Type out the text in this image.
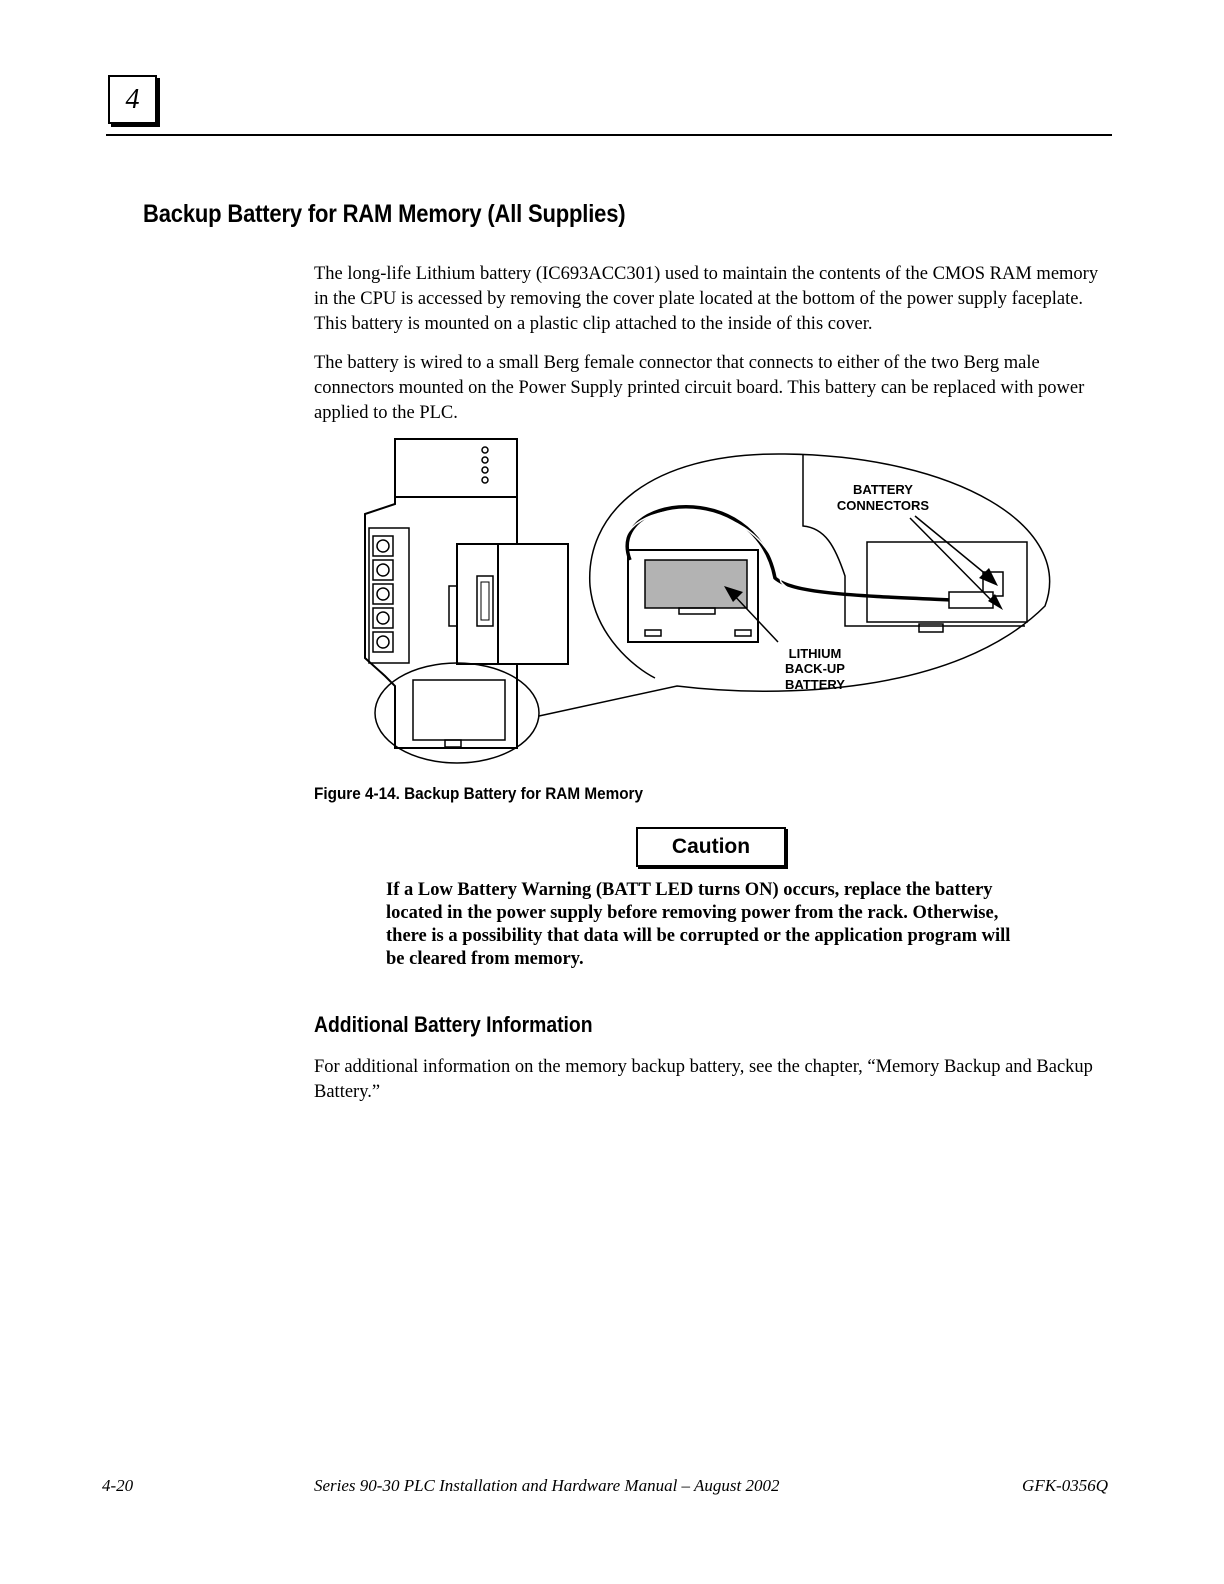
4
Backup Battery for RAM Memory (All Supplies)

The long-life Lithium battery (IC693ACC301) used to maintain the contents of the CMOS RAM memory in the CPU is accessed by removing the cover plate located at the bottom of the power supply faceplate. This battery is mounted on a plastic clip attached to the inside of this cover.

The battery is wired to a small Berg female connector that connects to either of the two Berg male connectors mounted on the Power Supply printed circuit board. This battery can be replaced with power applied to the PLC.

BATTERY
CONNECTORS
LITHIUM
BACK-UP
BATTERY

Figure 4-14. Backup Battery for RAM Memory

Caution

If a Low Battery Warning (BATT LED turns ON) occurs, replace the battery located in the power supply before removing power from the rack. Otherwise, there is a possibility that data will be corrupted or the application program will be cleared from memory.

Additional Battery Information

For additional information on the memory backup battery, see the chapter, “Memory Backup and Backup Battery.”

4-20	Series 90-30 PLC Installation and Hardware Manual – August 2002	GFK-0356Q
